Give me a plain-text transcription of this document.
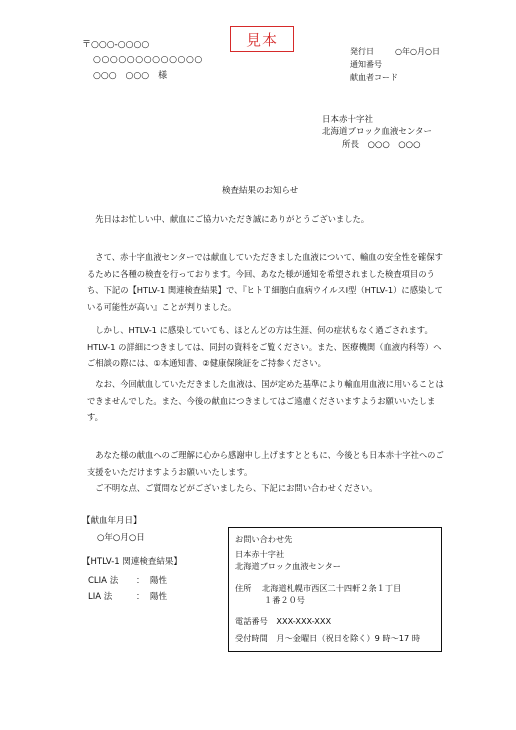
見本
〒○○○-○○○○
○○○○○○○○○○○○○
○○○　○○○　様
発行日	○年○月○日
通知番号
献血者コード
日本赤十字社
北海道ブロック血液センター
所長　○○○　○○○
検査結果のお知らせ

先日はお忙しい中、献血にご協力いただき誠にありがとうございました。

さて、赤十字血液センターでは献血していただきました血液について、輸血の安全性を確保するために各種の検査を行っております。今回、あなた様が通知を希望されました検査項目のうち、下記の【HTLV-1 関連検査結果】で、『ヒトＴ細胞白血病ウイルスⅠ型（HTLV-1）に感染している可能性が高い』ことが判りました。

しかし、HTLV-1 に感染していても、ほとんどの方は生涯、何の症状もなく過ごされます。HTLV-1 の詳細につきましては、同封の資料をご覧ください。また、医療機関（血液内科等）へご相談の際には、①本通知書、②健康保険証をご持参ください。

なお、今回献血していただきました血液は、国が定めた基準により輸血用血液に用いることはできませんでした。また、今後の献血につきましてはご遠慮くださいますようお願いいたします。

あなた様の献血へのご理解に心から感謝申し上げますとともに、今後とも日本赤十字社へのご支援をいただけますようお願いいたします。

ご不明な点、ご質問などがございましたら、下記にお問い合わせください。

【献血年月日】
○年○月○日
【HTLV-1 関連検査結果】
CLIA 法 ： 陽性
LIA 法	： 陽性
お問い合わせ先
日本赤十字社
北海道ブロック血液センター
住所 北海道札幌市西区二十四軒２条１丁目
１番２０号
電話番号 XXX-XXX-XXX
受付時間 月～金曜日（祝日を除く）9 時～17 時
